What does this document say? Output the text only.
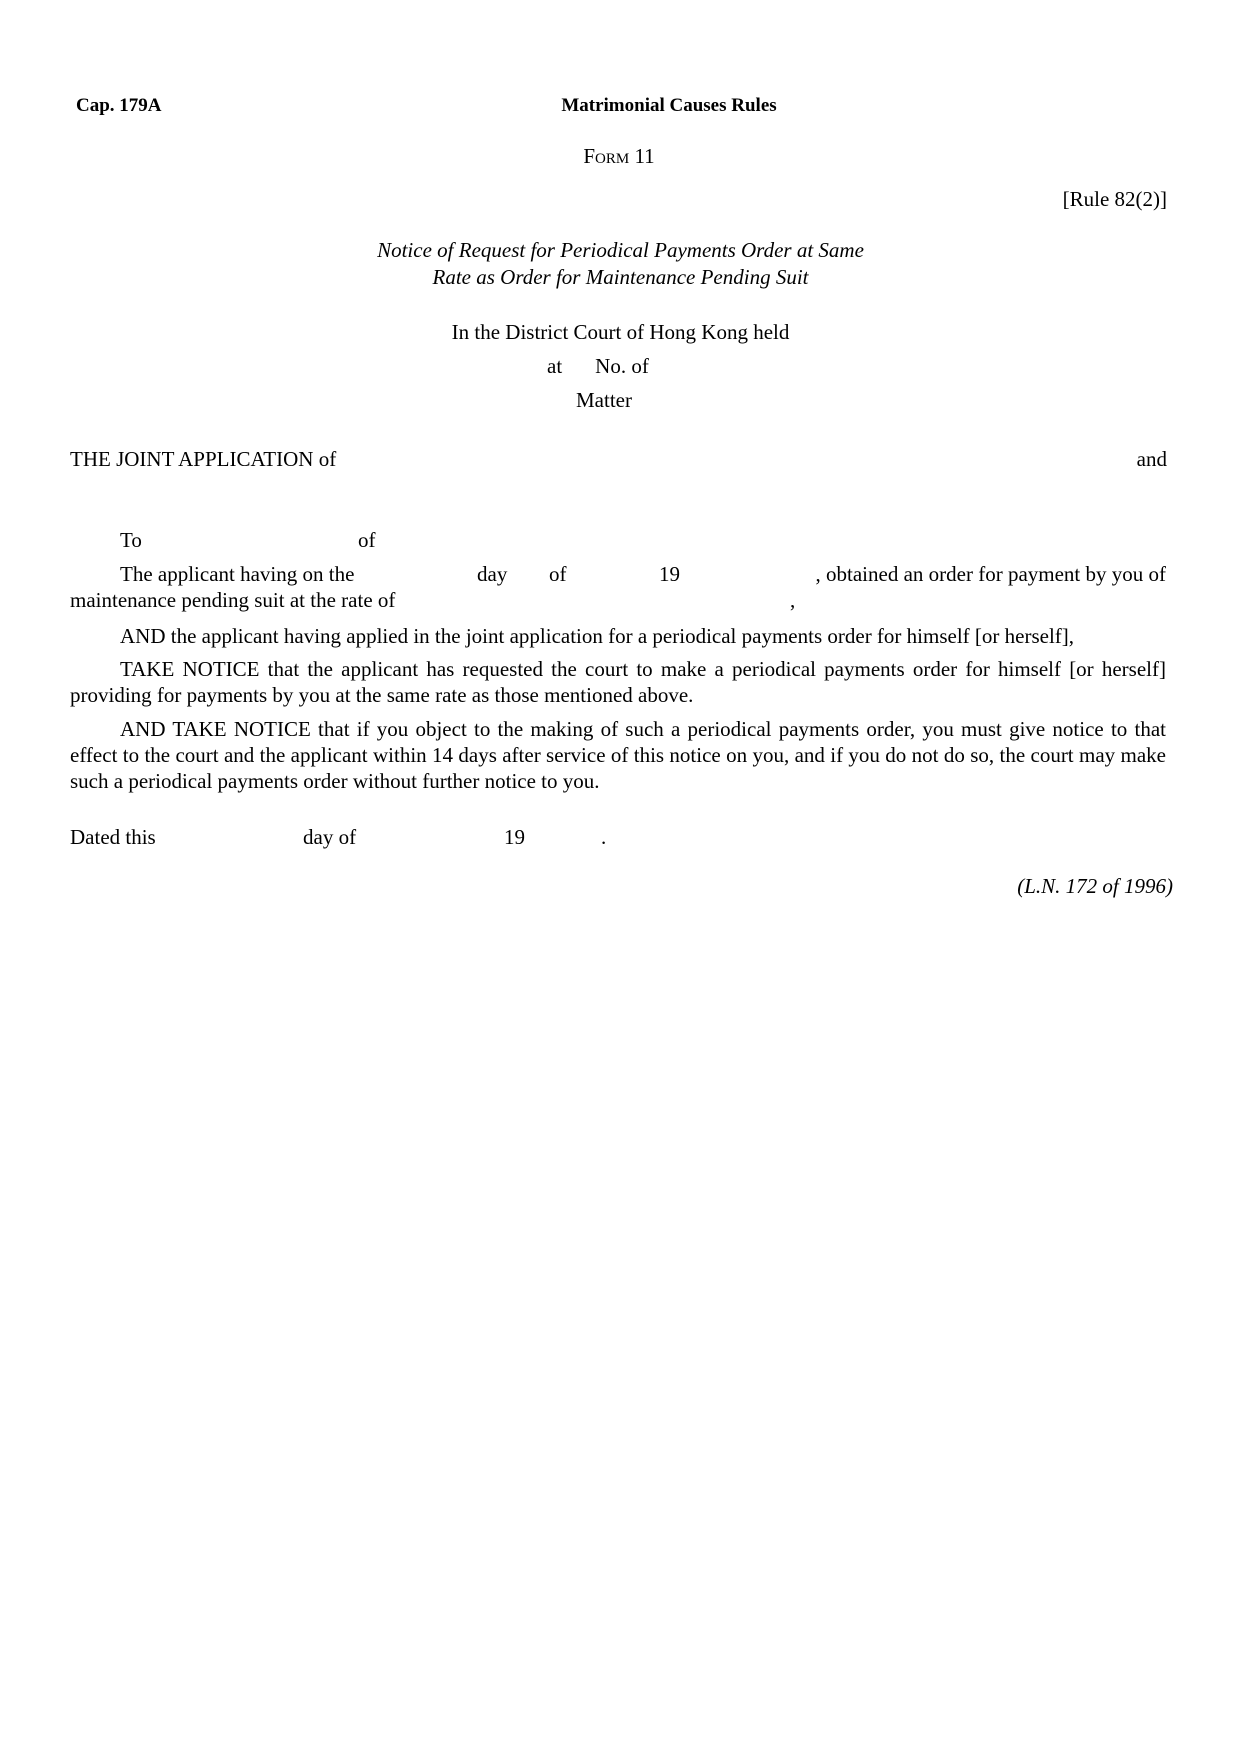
Cap. 179A	Matrimonial Causes Rules
Form 11
[Rule 82(2)]
Notice of Request for Periodical Payments Order at Same
Rate as Order for Maintenance Pending Suit
In the District Court of Hong Kong held
at No. of
Matter
THE JOINT APPLICATION of	and
To	of
The applicant having on the	day of	19	, obtained an order for payment by you of
maintenance pending suit at the rate of	,
AND the applicant having applied in the joint application for a periodical payments order for himself [or herself],
TAKE NOTICE that the applicant has requested the court to make a periodical payments order for himself [or herself] providing for payments by you at the same rate as those mentioned above.
AND TAKE NOTICE that if you object to the making of such a periodical payments order, you must give notice to that effect to the court and the applicant within 14 days after service of this notice on you, and if you do not do so, the court may make such a periodical payments order without further notice to you.
Dated this	day of	19	.
(L.N. 172 of 1996)
